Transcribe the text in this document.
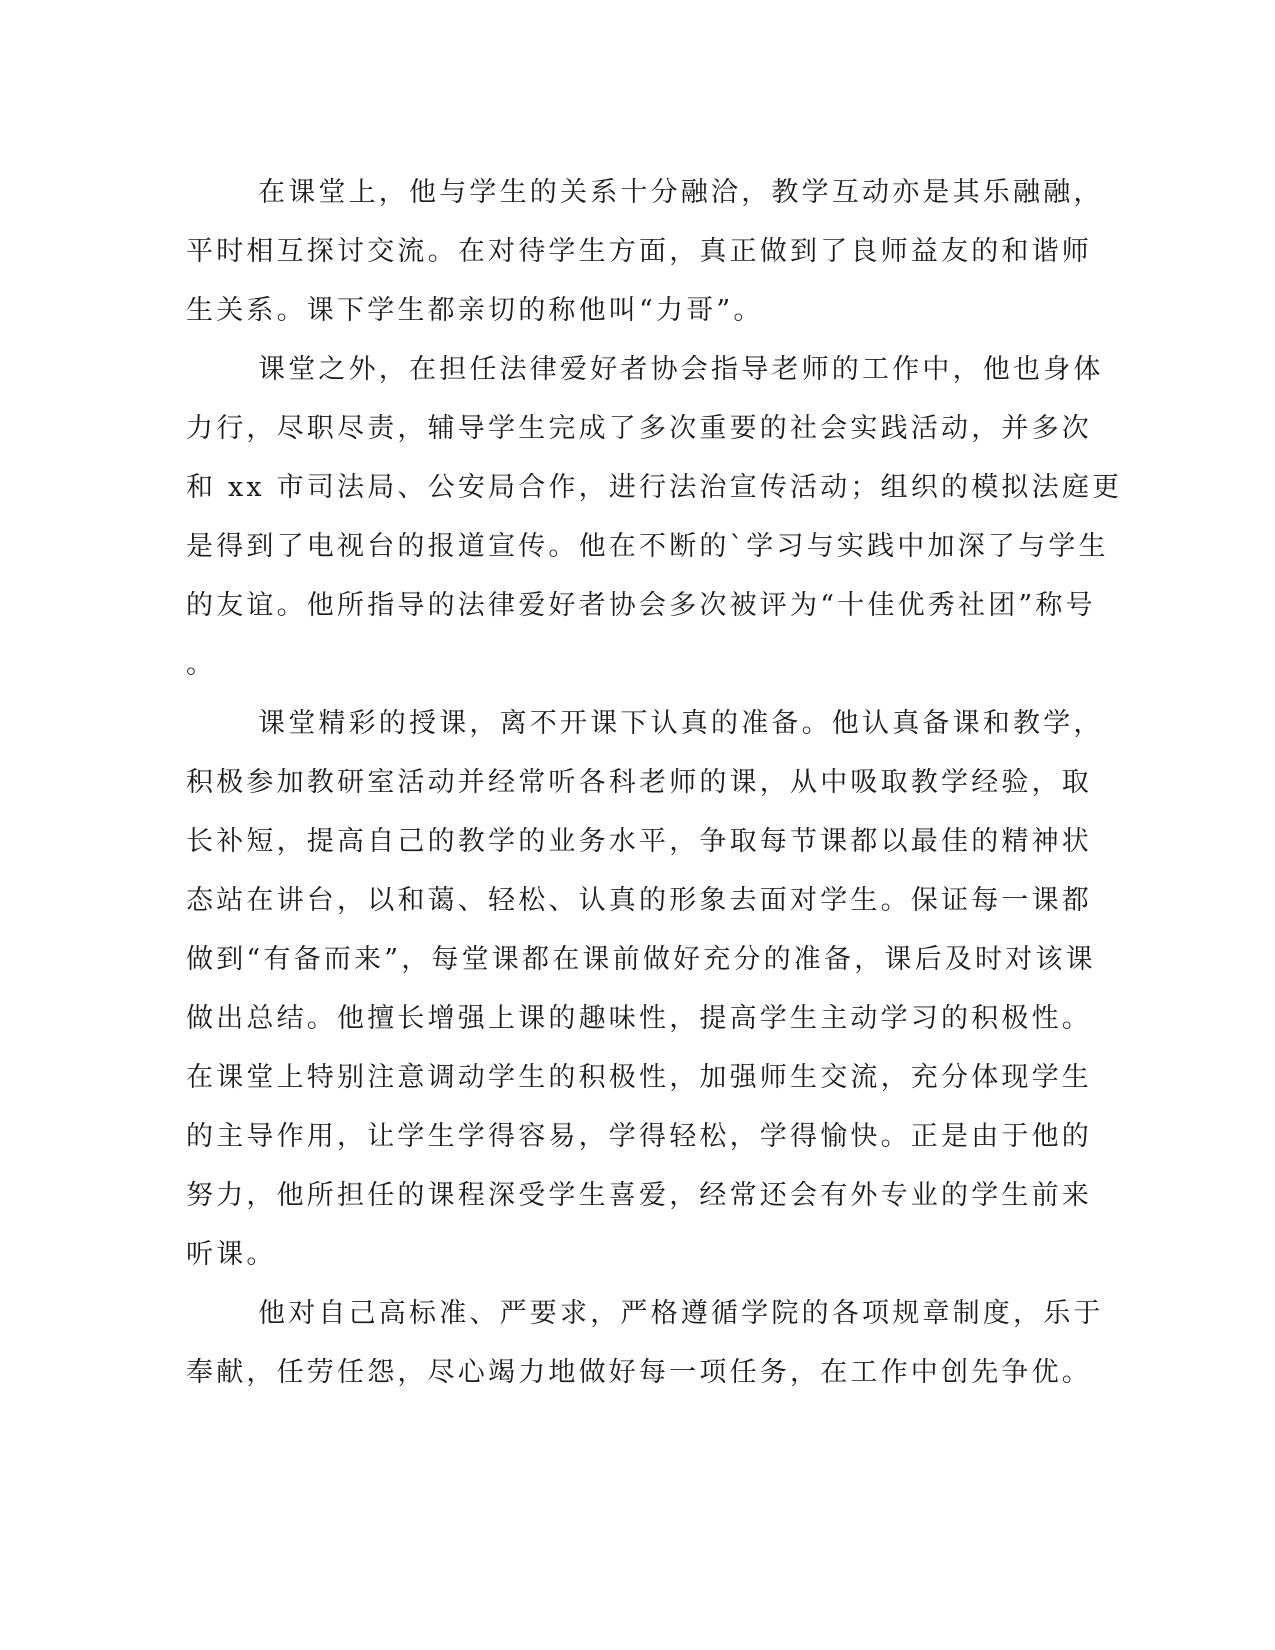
在课堂上，他与学生的关系十分融洽，教学互动亦是其乐融融，
平时相互探讨交流。在对待学生方面，真正做到了良师益友的和谐师
生关系。课下学生都亲切的称他叫“力哥”。

课堂之外，在担任法律爱好者协会指导老师的工作中，他也身体
力行，尽职尽责，辅导学生完成了多次重要的社会实践活动，并多次
和 xx 市司法局、公安局合作，进行法治宣传活动；组织的模拟法庭更
是得到了电视台的报道宣传。他在不断的`学习与实践中加深了与学生
的友谊。他所指导的法律爱好者协会多次被评为“十佳优秀社团”称号
。

课堂精彩的授课，离不开课下认真的准备。他认真备课和教学，
积极参加教研室活动并经常听各科老师的课，从中吸取教学经验，取
长补短，提高自己的教学的业务水平，争取每节课都以最佳的精神状
态站在讲台，以和蔼、轻松、认真的形象去面对学生。保证每一课都
做到“有备而来”，每堂课都在课前做好充分的准备，课后及时对该课
做出总结。他擅长增强上课的趣味性，提高学生主动学习的积极性。
在课堂上特别注意调动学生的积极性，加强师生交流，充分体现学生
的主导作用，让学生学得容易，学得轻松，学得愉快。正是由于他的
努力，他所担任的课程深受学生喜爱，经常还会有外专业的学生前来
听课。

他对自己高标准、严要求，严格遵循学院的各项规章制度，乐于
奉献，任劳任怨，尽心竭力地做好每一项任务，在工作中创先争优。
